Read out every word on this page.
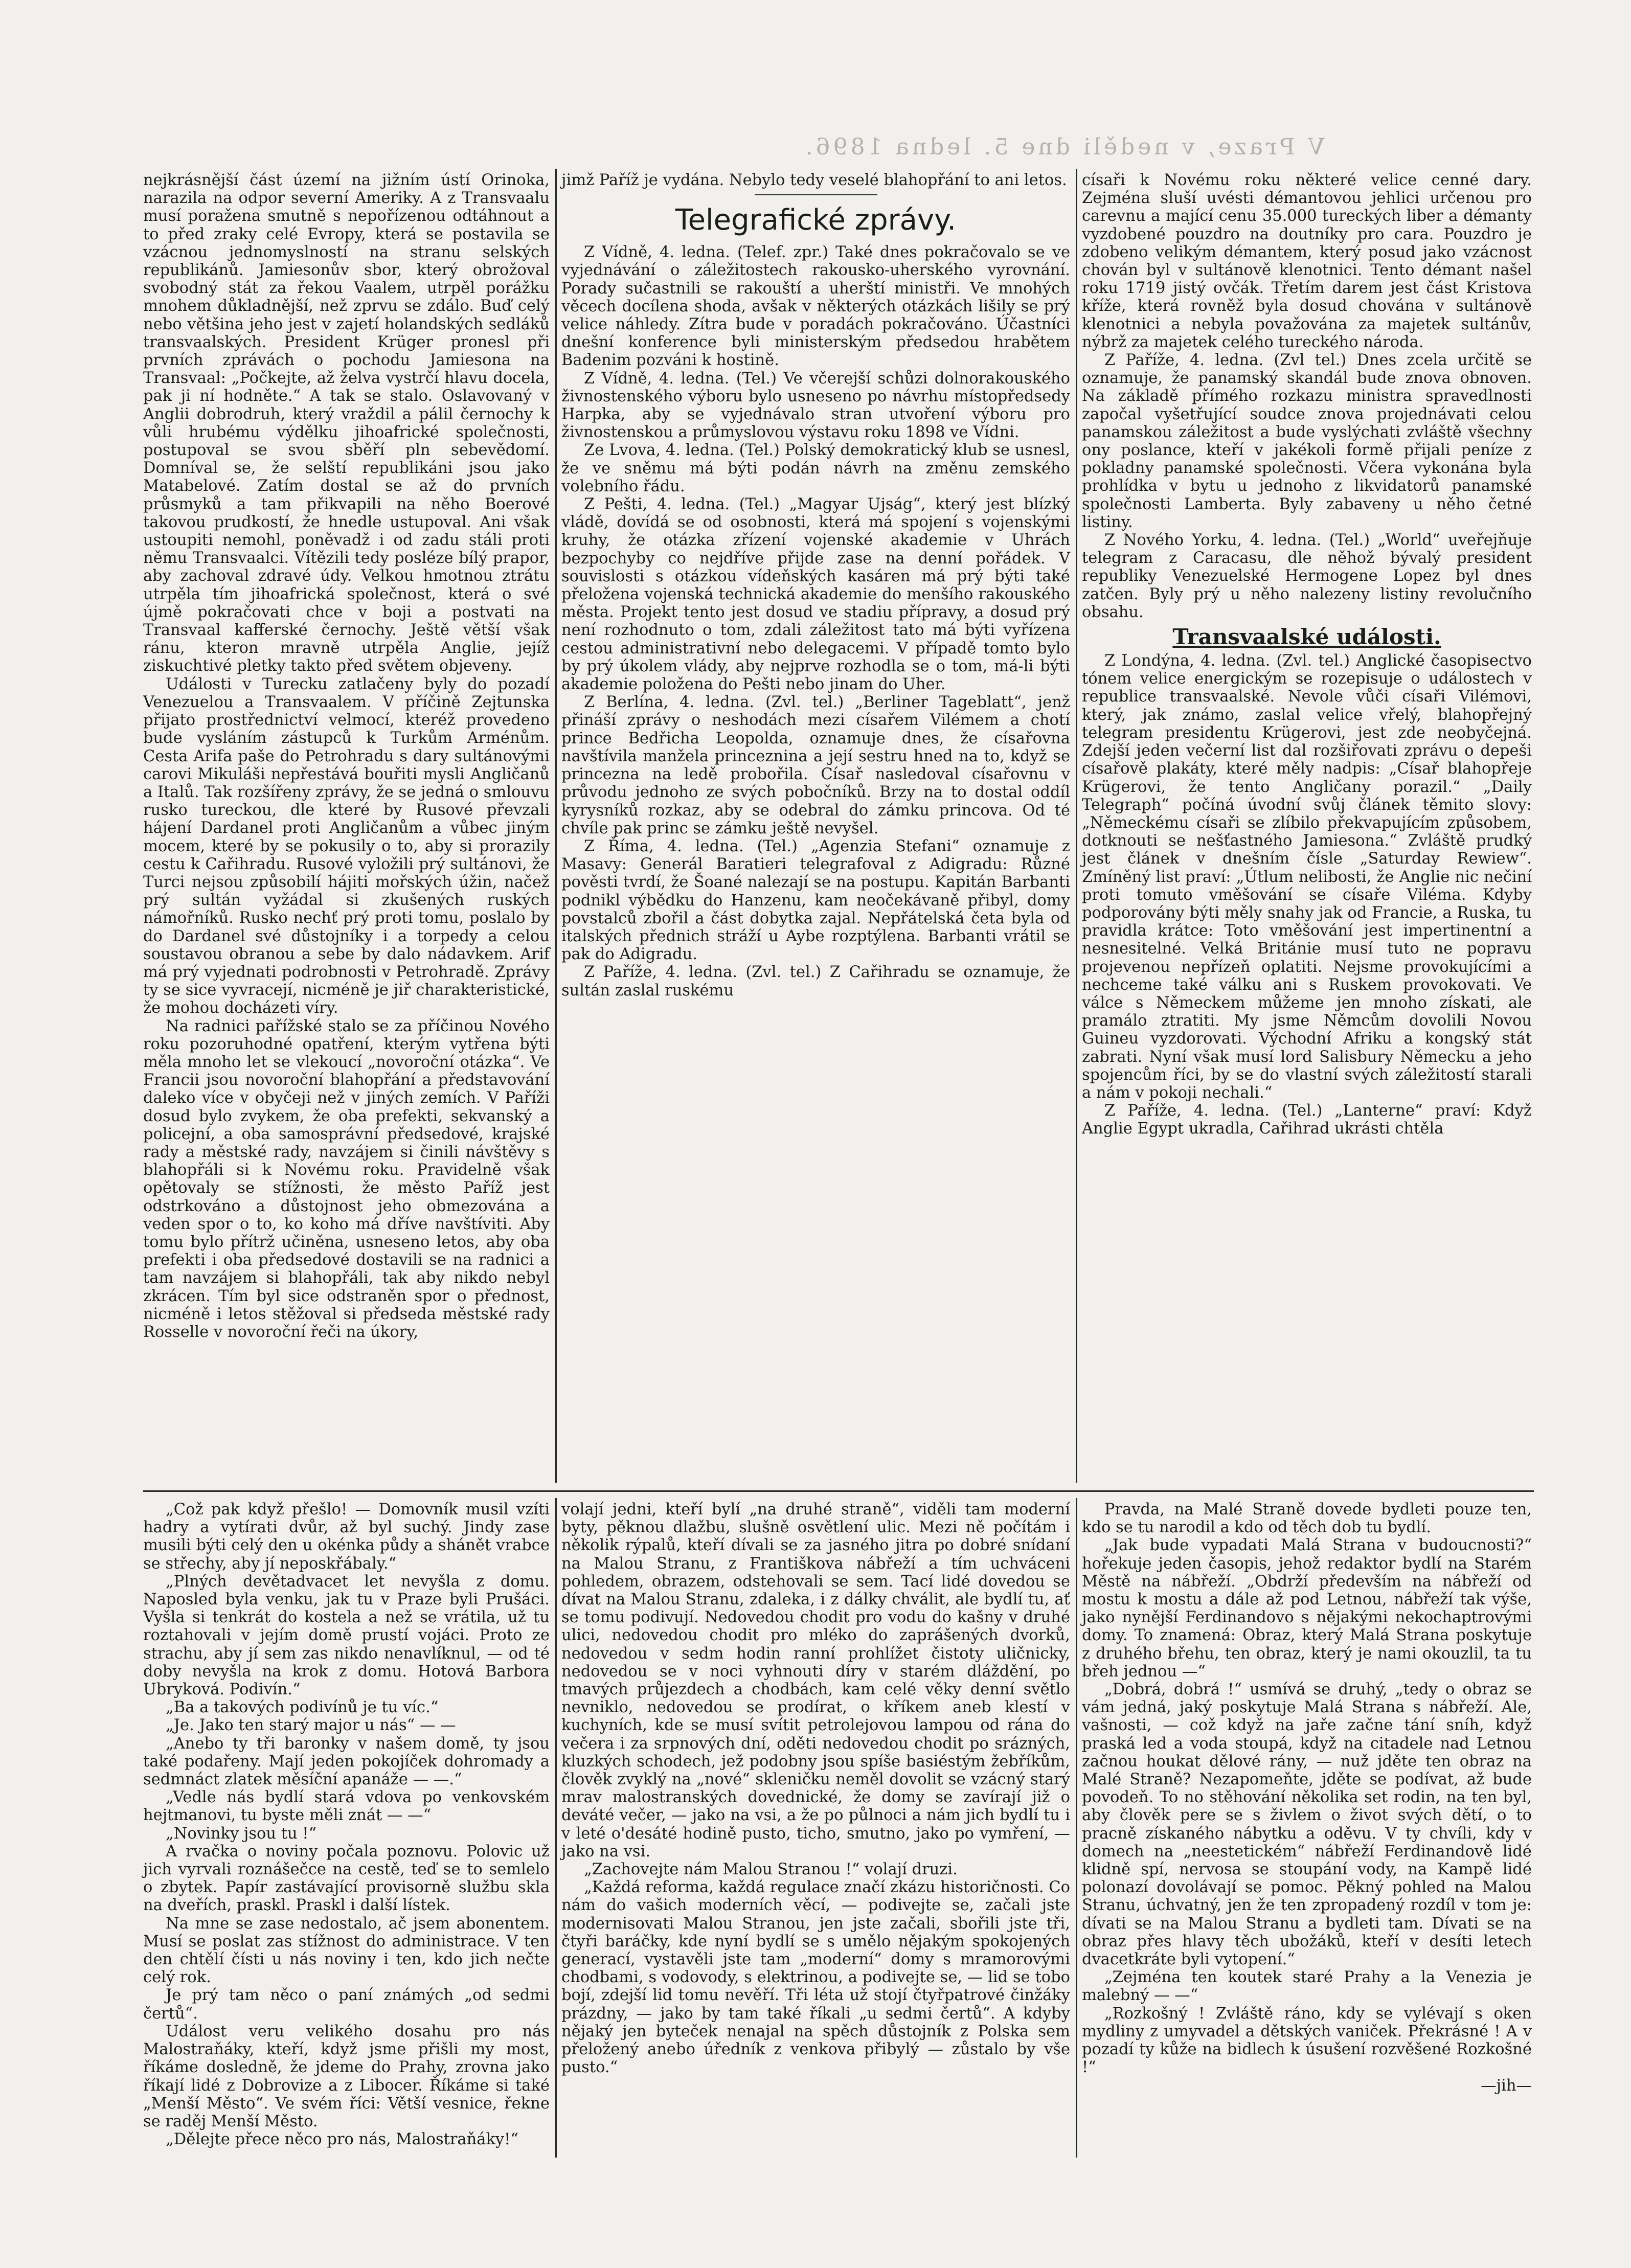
V Praze, v neděli dne 5. ledna 1896.

nejkrásnější část území na jižním ústí Orinoka, narazila na odpor severní Ameriky. A z Transvaalu musí poražena smutně s nepořízenou odtáhnout a to před zraky celé Evropy, která se postavila se vzácnou jednomyslností na stranu selských republikánů. Jamiesonův sbor, který obrožoval svobodný stát za řekou Vaalem, utrpěl porážku mnohem důkladnější, než zprvu se zdálo. Buď celý nebo většina jeho jest v zajetí holandských sedláků transvaalských. President Krüger pronesl při prvních zprávách o pochodu Jamiesona na Transvaal: „Počkejte, až želva vystrčí hlavu docela, pak ji ní hodněte.“ A tak se stalo. Oslavovaný v Anglii dobrodruh, který vraždil a pálil černochy k vůli hrubému výdělku jihoafrické společnosti, postupoval se svou sběří pln sebevědomí. Domníval se, že selští republikáni jsou jako Matabelové. Zatím dostal se až do prvních průsmyků a tam přikvapili na něho Boerové takovou prudkostí, že hnedle ustupoval. Ani však ustoupiti nemohl, poněvadž i od zadu stáli proti němu Transvaalci. Vítězili tedy posléze bílý prapor, aby zachoval zdravé údy. Velkou hmotnou ztrátu utrpěla tím jihoafrická společnost, která o své újmě pokračovati chce v boji a postvati na Transvaal kafferské černochy. Ještě větší však ránu, kteron mravně utrpěla Anglie, jejíž ziskuchtivé pletky takto před světem objeveny.

Události v Turecku zatlačeny byly do pozadí Venezuelou a Transvaalem. V příčině Zejtunska přijato prostřednictví velmocí, kteréž provedeno bude vysláním zástupců k Turkům Arménům. Cesta Arifa paše do Petrohradu s dary sultánovými carovi Mikuláši nepřestává bouřiti mysli Angličanů a Italů. Tak rozšířeny zprávy, že se jedná o smlouvu rusko tureckou, dle které by Rusové převzali hájení Dardanel proti Angličanům a vůbec jiným mocem, které by se pokusily o to, aby si prorazily cestu k Cařihradu. Rusové vyložili prý sultánovi, že Turci nejsou způsobilí hájiti mořských úžin, načež prý sultán vyžádal si zkušených ruských námořníků. Rusko nechť prý proti tomu, poslalo by do Dardanel své důstojníky i a torpedy a celou soustavou obranou a sebe by dalo nádavkem. Arif má prý vyjednati podrobnosti v Petrohradě. Zprávy ty se sice vyvracejí, nicméně je jiř charakteristické, že mohou docházeti víry.

Na radnici pařížské stalo se za příčinou Nového roku pozoruhodné opatření, kterým vytřena býti měla mnoho let se vlekoucí „novoroční otázka“. Ve Francii jsou novoroční blahopřání a představování daleko více v obyčeji než v jiných zemích. V Paříži dosud bylo zvykem, že oba prefekti, sekvanský a policejní, a oba samosprávní předsedové, krajské rady a městské rady, navzájem si činili návštěvy s blahopřáli si k Novému roku. Pravidelně však opětovaly se stížnosti, že město Paříž jest odstrkováno a důstojnost jeho obmezována a veden spor o to, ko koho má dříve navštíviti. Aby tomu bylo přítrž učiněna, usneseno letos, aby oba prefekti i oba předsedové dostavili se na radnici a tam navzájem si blahopřáli, tak aby nikdo nebyl zkrácen. Tím byl sice odstraněn spor o přednost, nicméně i letos stěžoval si předseda městské rady Rosselle v novoroční řeči na úkory,

jimž Paříž je vydána. Nebylo tedy veselé blahopřání to ani letos.

Telegrafické zprávy.

Z Vídně, 4. ledna. (Telef. zpr.) Také dnes pokračovalo se ve vyjednávání o záležitostech rakousko-uherského vyrovnání. Porady sučastnili se rakouští a uherští ministři. Ve mnohých věcech docílena shoda, avšak v některých otázkách lišily se prý velice náhledy. Zítra bude v poradách pokračováno. Účastníci dnešní konference byli ministerským předsedou hrabětem Badenim pozváni k hostině.

Z Vídně, 4. ledna. (Tel.) Ve včerejší schůzi dolnorakouského živnostenského výboru bylo usneseno po návrhu místopředsedy Harpka, aby se vyjednávalo stran utvoření výboru pro živnostenskou a průmyslovou výstavu roku 1898 ve Vídni.

Ze Lvova, 4. ledna. (Tel.) Polský demokratický klub se usnesl, že ve sněmu má býti podán návrh na změnu zemského volebního řádu.

Z Pešti, 4. ledna. (Tel.) „Magyar Ujság“, který jest blízký vládě, dovídá se od osobnosti, která má spojení s vojenskými kruhy, že otázka zřízení vojenské akademie v Uhrách bezpochyby co nejdříve přijde zase na denní pořádek. V souvislosti s otázkou vídeňských kasáren má prý býti také přeložena vojenská technická akademie do menšího rakouského města. Projekt tento jest dosud ve stadiu přípravy, a dosud prý není rozhodnuto o tom, zdali záležitost tato má býti vyřízena cestou administrativní nebo delegacemi. V případě tomto bylo by prý úkolem vlády, aby nejprve rozhodla se o tom, má-li býti akademie položena do Pešti nebo jinam do Uher.

Z Berlína, 4. ledna. (Zvl. tel.) „Berliner Tageblatt“, jenž přináší zprávy o neshodách mezi císařem Vilémem a chotí prince Bedřicha Leopolda, oznamuje dnes, že císařovna navštívila manžela princeznina a její sestru hned na to, když se princezna na ledě probořila. Císař nasledoval císařovnu v průvodu jednoho ze svých pobočníků. Brzy na to dostal oddíl kyrysníků rozkaz, aby se odebral do zámku princova. Od té chvíle pak princ se zámku ještě nevyšel.

Z Říma, 4. ledna. (Tel.) „Agenzia Stefani“ oznamuje z Masavy: Generál Baratieri telegrafoval z Adigradu: Různé pověsti tvrdí, že Šoané nalezají se na postupu. Kapitán Barbanti podnikl výbědku do Hanzenu, kam neočekávaně přibyl, domy povstalců zbořil a část dobytka zajal. Nepřátelská četa byla od italských přednich stráží u Aybe rozptýlena. Barbanti vrátil se pak do Adigradu.

Z Paříže, 4. ledna. (Zvl. tel.) Z Cařihradu se oznamuje, že sultán zaslal ruskému

císaři k Novému roku některé velice cenné dary. Zejména sluší uvésti démantovou jehlici určenou pro carevnu a mající cenu 35.000 tureckých liber a démanty vyzdobené pouzdro na doutníky pro cara. Pouzdro je zdobeno velikým démantem, který posud jako vzácnost chován byl v sultánově klenotnici. Tento démant našel roku 1719 jistý ovčák. Třetím darem jest část Kristova kříže, která rovněž byla dosud chována v sultánově klenotnici a nebyla považována za majetek sultánův, nýbrž za majetek celého tureckého národa.

Z Paříže, 4. ledna. (Zvl tel.) Dnes zcela určitě se oznamuje, že panamský skandál bude znova obnoven. Na základě přímého rozkazu ministra spravedlnosti započal vyšetřující soudce znova projednávati celou panamskou záležitost a bude vyslýchati zvláště všechny ony poslance, kteří v jakékoli formě přijali peníze z pokladny panamské společnosti. Včera vykonána byla prohlídka v bytu u jednoho z likvidatorů panamské společnosti Lamberta. Byly zabaveny u něho četné listiny.

Z Nového Yorku, 4. ledna. (Tel.) „World“ uveřejňuje telegram z Caracasu, dle něhož bývalý president republiky Venezuelské Hermogene Lopez byl dnes zatčen. Byly prý u něho nalezeny listiny revolučního obsahu.

Transvaalské události.

Z Londýna, 4. ledna. (Zvl. tel.) Anglické časopisectvo tónem velice energickým se rozepisuje o událostech v republice transvaalské. Nevole vůči císaři Vilémovi, který, jak známo, zaslal velice vřelý, blahopřejný telegram presidentu Krügerovi, jest zde neobyčejná. Zdejší jeden večerní list dal rozšiřovati zprávu o depeši císařově plakáty, které měly nadpis: „Císař blahopřeje Krügerovi, že tento Angličany porazil.“ „Daily Telegraph“ počíná úvodní svůj článek těmito slovy: „Německému císaři se zlíbilo překvapujícím způsobem, dotknouti se nešťastného Jamiesona.“ Zvláště prudký jest článek v dnešním čísle „Saturday Rewiew“. Zmíněný list praví: „Útlum nelibosti, že Anglie nic nečiní proti tomuto vměšování se císaře Viléma. Kdyby podporovány býti měly snahy jak od Francie, a Ruska, tu pravidla krátce: Toto vměšování jest impertinentní a nesnesitelné. Velká Británie musí tuto ne popravu projevenou nepřízeň oplatiti. Nejsme provokujícími a nechceme také válku ani s Ruskem provokovati. Ve válce s Německem můžeme jen mnoho získati, ale pramálo ztratiti. My jsme Němcům dovolili Novou Guineu vyzdorovati. Východní Afriku a kongský stát zabrati. Nyní však musí lord Salisbury Německu a jeho spojencům říci, by se do vlastní svých záležitostí starali a nám v pokoji nechali.“

Z Paříže, 4. ledna. (Tel.) „Lanterne“ praví: Když Anglie Egypt ukradla, Cařihrad ukrásti chtěla

„Což pak když přešlo! — Domovník musil vzíti hadry a vytírati dvůr, až byl suchý. Jindy zase musili býti celý den u okénka půdy a shánět vrabce se střechy, aby jí neposkřábaly.“

„Plných devětadvacet let nevyšla z domu. Naposled byla venku, jak tu v Praze byli Prušáci. Vyšla si tenkrát do kostela a než se vrátila, už tu roztahovali v jejím domě prustí vojáci. Proto ze strachu, aby jí sem zas nikdo nenavlíknul, — od té doby nevyšla na krok z domu. Hotová Barbora Ubryková. Podivín.“

„Ba a takových podivínů je tu víc.“

„Je. Jako ten starý major u nás“ — —

„Anebo ty tři baronky v našem domě, ty jsou také podařeny. Mají jeden pokojíček dohromady a sedmnáct zlatek měsíční apanáže — —.“

„Vedle nás bydlí stará vdova po venkovském hejtmanovi, tu byste měli znát — —“

„Novinky jsou tu !“

A rvačka o noviny počala poznovu. Polovic už jich vyrvali roznášečce na cestě, teď se to semlelo o zbytek. Papír zastávající provisorně službu skla na dveřích, praskl. Praskl i další lístek.

Na mne se zase nedostalo, ač jsem abonentem. Musí se poslat zas stížnost do administrace. V ten den chtělí čísti u nás noviny i ten, kdo jich nečte celý rok.

Je prý tam něco o paní známých „od sedmi čertů“.

Událost veru velikého dosahu pro nás Malostraňáky, kteří, když jsme přišli my most, říkáme dosledně, že jdeme do Prahy, zrovna jako říkají lidé z Dobrovize a z Libocer. Říkáme si také „Menší Město“. Ve svém říci: Větší vesnice, řekne se raděj Menší Město.

„Dělejte přece něco pro nás, Malostraňáky!“

volají jedni, kteří bylí „na druhé straně“, viděli tam moderní byty, pěknou dlažbu, slušně osvětlení ulic. Mezi ně počítám i několik rýpalů, kteří dívali se za jasného jitra po dobré snídaní na Malou Stranu, z Františkova nábřeží a tím uchváceni pohledem, obrazem, odstehovali se sem. Tací lidé dovedou se dívat na Malou Stranu, zdaleka, i z dálky chválit, ale bydlí tu, ať se tomu podivují. Nedovedou chodit pro vodu do kašny v druhé ulici, nedovedou chodit pro mléko do zaprášených dvorků, nedovedou v sedm hodin ranní prohlížet čistoty uličnicky, nedovedou se v noci vyhnouti díry v starém dláždění, po tmavých průjezdech a chodbách, kam celé věky denní světlo nevniklo, nedovedou se prodírat, o kříkem aneb klestí v kuchyních, kde se musí svítit petrolejovou lampou od rána do večera i za srpnových dní, oděti nedovedou chodit po srázných, kluzkých schodech, jež podobny jsou spíše basiéstým žebříkům, člověk zvyklý na „nové“ skleničku neměl dovolit se vzácný starý mrav malostranských dovednické, že domy se zavírají již o deváté večer, — jako na vsi, a že po půlnoci a nám jich bydlí tu i v leté o'desáté hodině pusto, ticho, smutno, jako po vymření, — jako na vsi.

„Zachovejte nám Malou Stranou !“ volají druzi.

„Každá reforma, každá regulace značí zkázu historičnosti. Co nám do vašich moderních věcí, — podivejte se, začali jste modernisovati Malou Stranou, jen jste začali, sbořili jste tři, čtyři baráčky, kde nyní bydlí se s umělo nějakým spokojených generací, vystavěli jste tam „moderní“ domy s mramorovými chodbami, s vodovody, s elektrinou, a podivejte se, — lid se tobo bojí, zdejší lid tomu nevěří. Tři léta už stojí čtyřpatrové činžáky prázdny, — jako by tam také říkali „u sedmi čertů“. A kdyby nějaký jen byteček nenajal na spěch důstojník z Polska sem přeložený anebo úředník z venkova přibylý — zůstalo by vše pusto.“

Pravda, na Malé Straně dovede bydleti pouze ten, kdo se tu narodil a kdo od těch dob tu bydlí.

„Jak bude vypadati Malá Strana v budoucnosti?“ hořekuje jeden časopis, jehož redaktor bydlí na Starém Městě na nábřeží. „Obdrží především na nábřeží od mostu k mostu a dále až pod Letnou, nábřeží tak výše, jako nynější Ferdinandovo s nějakými nekochaptrovými domy. To znamená: Obraz, který Malá Strana poskytuje z druhého břehu, ten obraz, který je nami okouzlil, ta tu břeh jednou —“

„Dobrá, dobrá !“ usmívá se druhý, „tedy o obraz se vám jedná, jaký poskytuje Malá Strana s nábřeží. Ale, vašnosti, — což když na jaře začne tání sníh, když praská led a voda stoupá, když na citadele nad Letnou začnou houkat dělové rány, — nuž jděte ten obraz na Malé Straně? Nezapomeňte, jděte se podívat, až bude povodeň. To no stěhování několika set rodin, na ten byl, aby člověk pere se s živlem o život svých dětí, o to pracně získaného nábytku a oděvu. V ty chvíli, kdy v domech na „neestetickém“ nábřeží Ferdinandově lidé klidně spí, nervosa se stoupání vody, na Kampě lidé polonazí dovolávají se pomoc. Pěkný pohled na Malou Stranu, úchvatný, jen že ten zpropadený rozdíl v tom je: dívati se na Malou Stranu a bydleti tam. Dívati se na obraz přes hlavy těch ubožáků, kteří v desíti letech dvacetkráte byli vytopení.“

„Zejména ten koutek staré Prahy a la Venezia je malebný — —“

„Rozkošný ! Zvláště ráno, kdy se vylévají s oken mydliny z umyvadel a dětských vaniček. Překrásné ! A v pozadí ty kůže na bidlech k úsušení rozvěšené Rozkošné !“

—jih—
